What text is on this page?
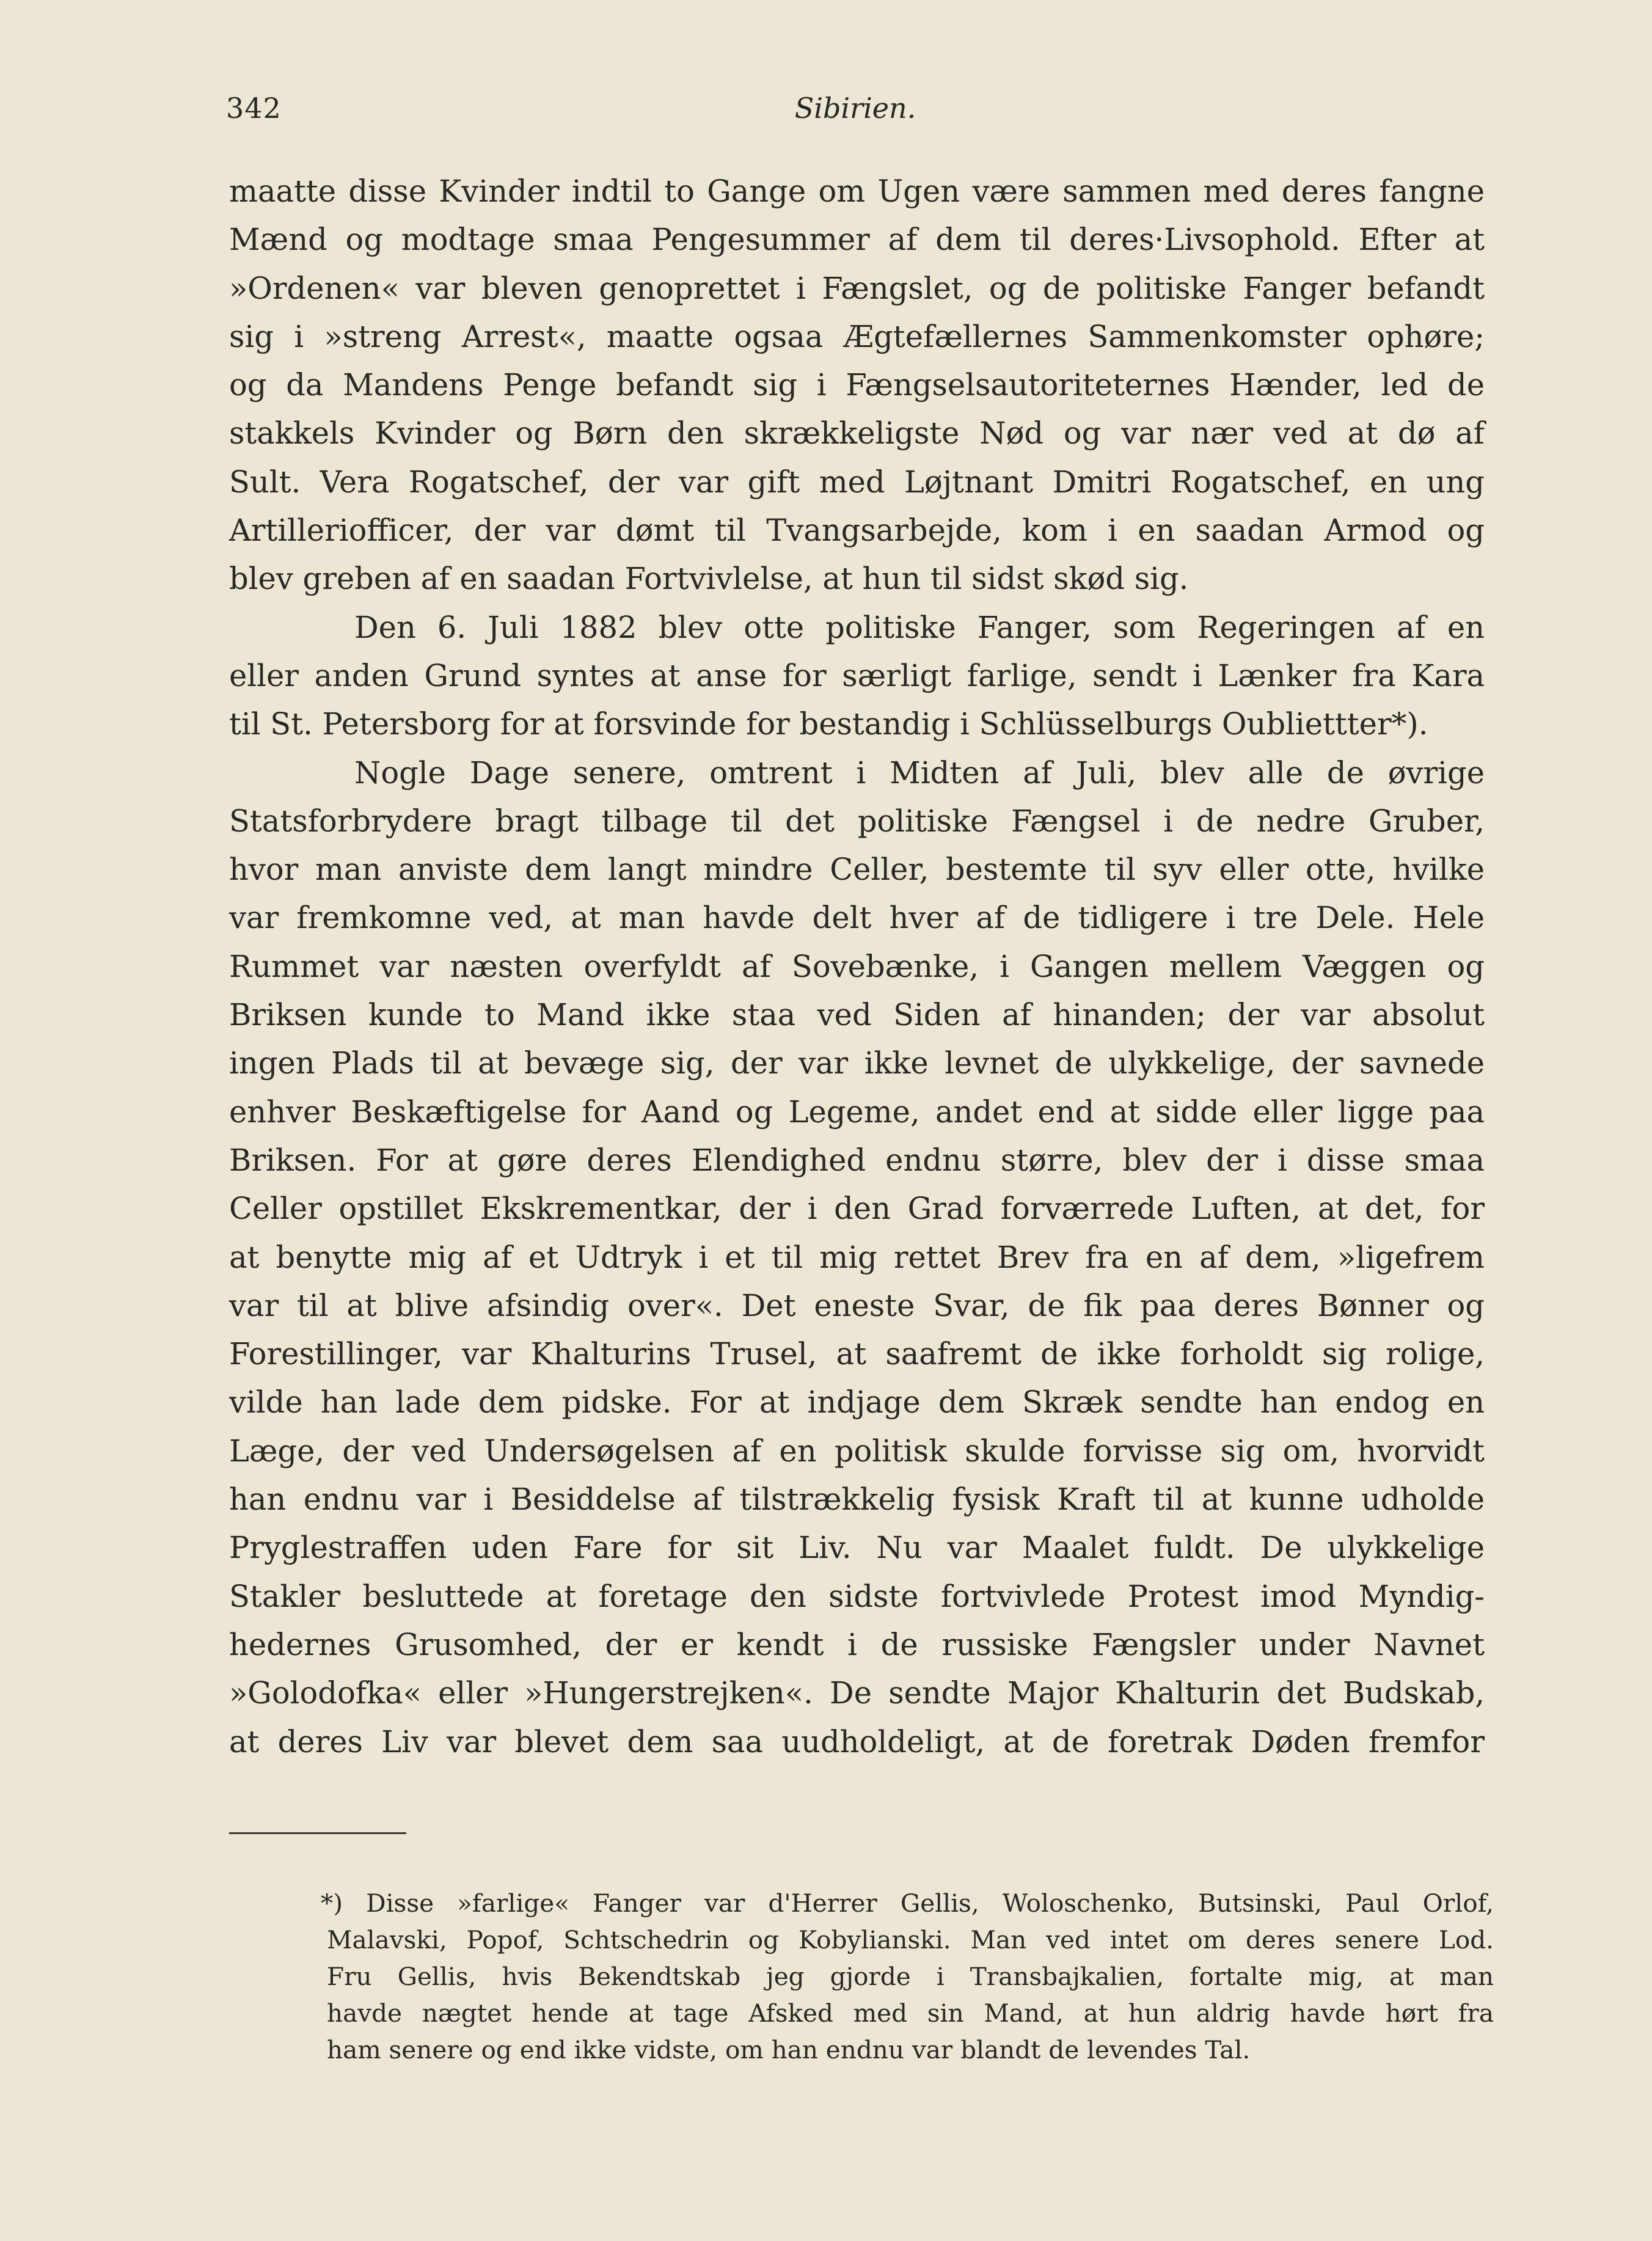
342	Sibirien.
maatte disse Kvinder indtil to Gange om Ugen være sammen med deres fangne
Mænd og modtage smaa Pengesummer af dem til deres·Livsophold. Efter at
»Ordenen« var bleven genoprettet i Fængslet, og de politiske Fanger befandt
sig i »streng Arrest«, maatte ogsaa Ægtefællernes Sammenkomster ophøre;
og da Mandens Penge befandt sig i Fængselsautoriteternes Hænder, led de
stakkels Kvinder og Børn den skrækkeligste Nød og var nær ved at dø af
Sult. Vera Rogatschef, der var gift med Løjtnant Dmitri Rogatschef, en ung
Artilleriofficer, der var dømt til Tvangsarbejde, kom i en saadan Armod og
blev greben af en saadan Fortvivlelse, at hun til sidst skød sig.
Den 6. Juli 1882 blev otte politiske Fanger, som Regeringen af en
eller anden Grund syntes at anse for særligt farlige, sendt i Lænker fra Kara
til St. Petersborg for at forsvinde for bestandig i Schlüsselburgs Oubliettter*).
Nogle Dage senere, omtrent i Midten af Juli, blev alle de øvrige
Statsforbrydere bragt tilbage til det politiske Fængsel i de nedre Gruber,
hvor man anviste dem langt mindre Celler, bestemte til syv eller otte, hvilke
var fremkomne ved, at man havde delt hver af de tidligere i tre Dele. Hele
Rummet var næsten overfyldt af Sovebænke, i Gangen mellem Væggen og
Briksen kunde to Mand ikke staa ved Siden af hinanden; der var absolut
ingen Plads til at bevæge sig, der var ikke levnet de ulykkelige, der savnede
enhver Beskæftigelse for Aand og Legeme, andet end at sidde eller ligge paa
Briksen. For at gøre deres Elendighed endnu større, blev der i disse smaa
Celler opstillet Ekskrementkar, der i den Grad forværrede Luften, at det, for
at benytte mig af et Udtryk i et til mig rettet Brev fra en af dem, »ligefrem
var til at blive afsindig over«. Det eneste Svar, de fik paa deres Bønner og
Forestillinger, var Khalturins Trusel, at saafremt de ikke forholdt sig rolige,
vilde han lade dem pidske. For at indjage dem Skræk sendte han endog en
Læge, der ved Undersøgelsen af en politisk skulde forvisse sig om, hvorvidt
han endnu var i Besiddelse af tilstrækkelig fysisk Kraft til at kunne udholde
Pryglestraffen uden Fare for sit Liv. Nu var Maalet fuldt. De ulykkelige
Stakler besluttede at foretage den sidste fortvivlede Protest imod Myndig-
hedernes Grusomhed, der er kendt i de russiske Fængsler under Navnet
»Golodofka« eller »Hungerstrejken«. De sendte Major Khalturin det Budskab,
at deres Liv var blevet dem saa uudholdeligt, at de foretrak Døden fremfor
*) Disse »farlige« Fanger var d'Herrer Gellis, Woloschenko, Butsinski, Paul Orlof,
Malavski, Popof, Schtschedrin og Kobylianski. Man ved intet om deres senere Lod.
Fru Gellis, hvis Bekendtskab jeg gjorde i Transbajkalien, fortalte mig, at man
havde nægtet hende at tage Afsked med sin Mand, at hun aldrig havde hørt fra
ham senere og end ikke vidste, om han endnu var blandt de levendes Tal.
